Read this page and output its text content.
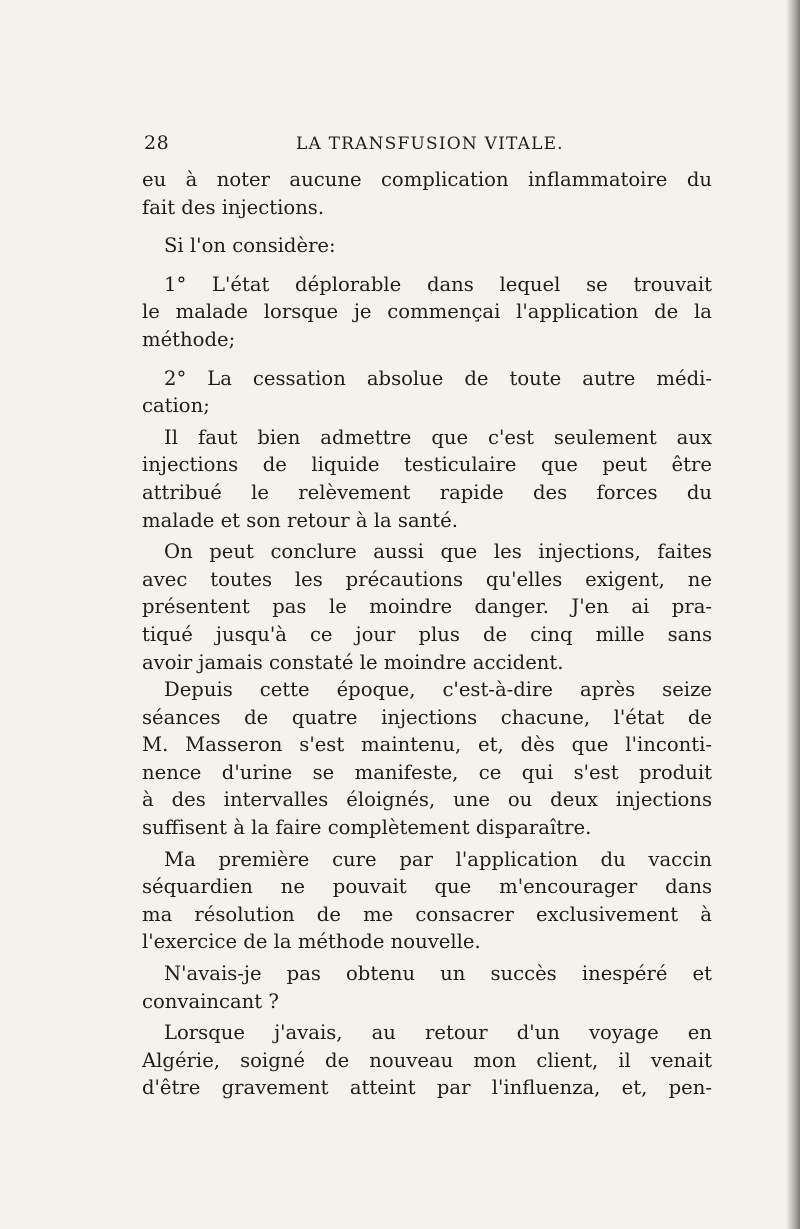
28	LA TRANSFUSION VITALE.
eu à noter aucune complication inflammatoire du
fait des injections.
Si l'on considère:
1° L'état déplorable dans lequel se trouvait
le malade lorsque je commençai l'application de la
méthode;
2° La cessation absolue de toute autre médi-
cation;
Il faut bien admettre que c'est seulement aux
injections de liquide testiculaire que peut être
attribué le relèvement rapide des forces du
malade et son retour à la santé.
On peut conclure aussi que les injections, faites
avec toutes les précautions qu'elles exigent, ne
présentent pas le moindre danger. J'en ai pra-
tiqué jusqu'à ce jour plus de cinq mille sans
avoir jamais constaté le moindre accident.
Depuis cette époque, c'est-à-dire après seize
séances de quatre injections chacune, l'état de
M. Masseron s'est maintenu, et, dès que l'inconti-
nence d'urine se manifeste, ce qui s'est produit
à des intervalles éloignés, une ou deux injections
suffisent à la faire complètement disparaître.
Ma première cure par l'application du vaccin
séquardien ne pouvait que m'encourager dans
ma résolution de me consacrer exclusivement à
l'exercice de la méthode nouvelle.
N'avais-je pas obtenu un succès inespéré et
convaincant ?
Lorsque j'avais, au retour d'un voyage en
Algérie, soigné de nouveau mon client, il venait
d'être gravement atteint par l'influenza, et, pen-
